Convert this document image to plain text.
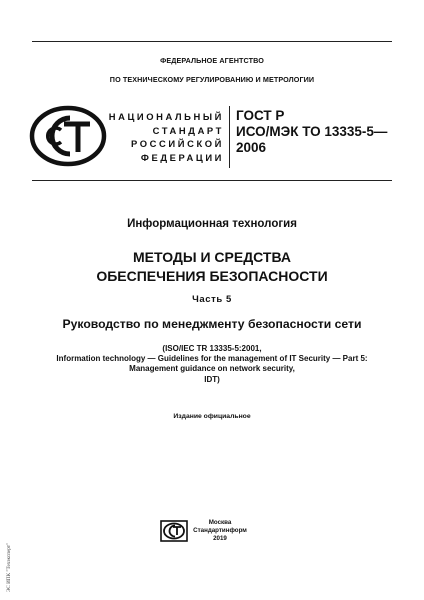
ФЕДЕРАЛЬНОЕ АГЕНТСТВО
ПО ТЕХНИЧЕСКОМУ РЕГУЛИРОВАНИЮ И МЕТРОЛОГИИ
НАЦИОНАЛЬНЫЙ
СТАНДАРТ
РОССИЙСКОЙ
ФЕДЕРАЦИИ
ГОСТ Р
ИСО/МЭК ТО 13335-5—
2006
Информационная технология
МЕТОДЫ И СРЕДСТВА
ОБЕСПЕЧЕНИЯ БЕЗОПАСНОСТИ
Часть 5
Руководство по менеджменту безопасности сети
(ISO/IEC TR 13335-5:2001,
Information technology — Guidelines for the management of IT Security — Part 5:
Management guidance on network security,
IDT)
Издание официальное
Москва
Стандартинформ
2019
ЭС ИПК "Техэксперт"
